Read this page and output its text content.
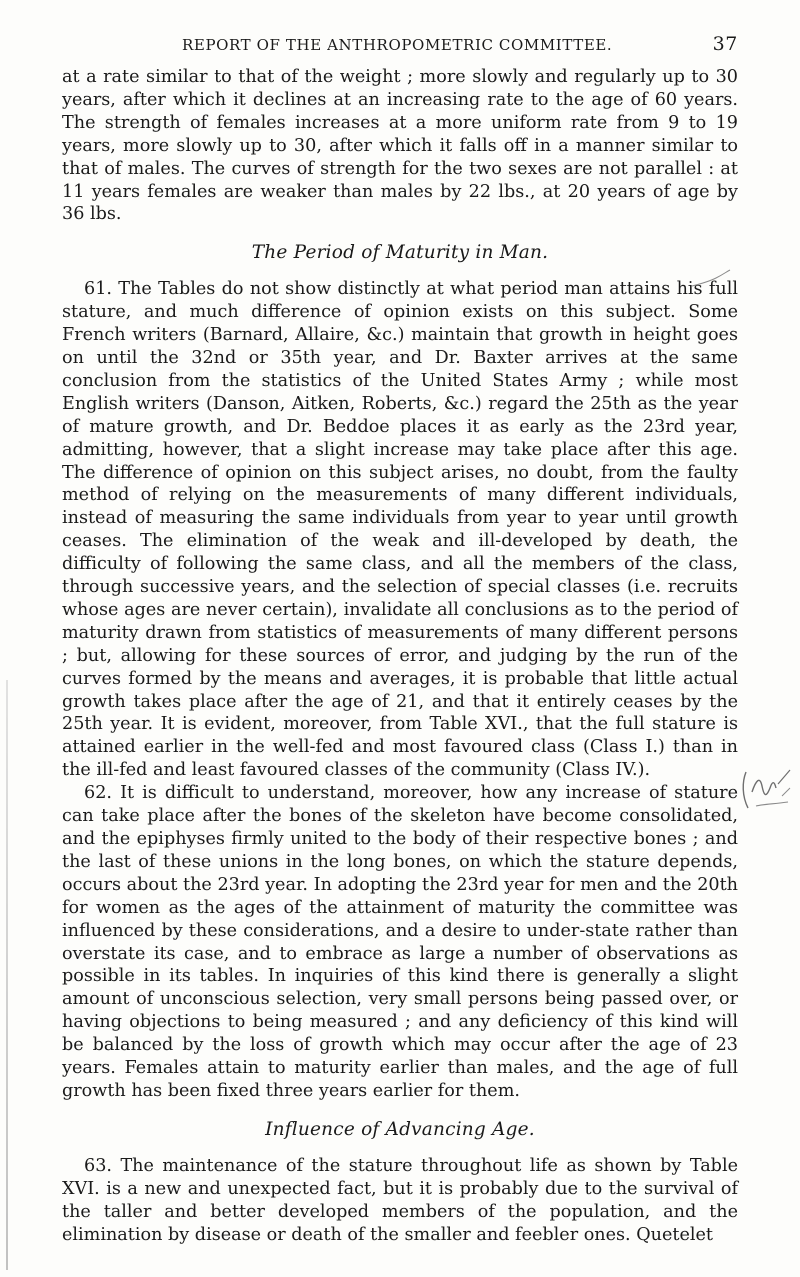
REPORT OF THE ANTHROPOMETRIC COMMITTEE.	37

at a rate similar to that of the weight ; more slowly and regularly up to 30 years, after which it declines at an increasing rate to the age of 60 years. The strength of females increases at a more uniform rate from 9 to 19 years, more slowly up to 30, after which it falls off in a manner similar to that of males. The curves of strength for the two sexes are not parallel : at 11 years females are weaker than males by 22 lbs., at 20 years of age by 36 lbs.

The Period of Maturity in Man.

61. The Tables do not show distinctly at what period man attains his full stature, and much difference of opinion exists on this subject. Some French writers (Barnard, Allaire, &c.) maintain that growth in height goes on until the 32nd or 35th year, and Dr. Baxter arrives at the same conclusion from the statistics of the United States Army ; while most English writers (Danson, Aitken, Roberts, &c.) regard the 25th as the year of mature growth, and Dr. Beddoe places it as early as the 23rd year, admitting, however, that a slight increase may take place after this age. The difference of opinion on this subject arises, no doubt, from the faulty method of relying on the measurements of many different individuals, instead of measuring the same individuals from year to year until growth ceases. The elimination of the weak and ill-developed by death, the difficulty of following the same class, and all the members of the class, through successive years, and the selection of special classes (i.e. recruits whose ages are never certain), invalidate all conclusions as to the period of maturity drawn from statistics of measurements of many different persons ; but, allowing for these sources of error, and judging by the run of the curves formed by the means and averages, it is probable that little actual growth takes place after the age of 21, and that it entirely ceases by the 25th year. It is evident, moreover, from Table XVI., that the full stature is attained earlier in the well-fed and most favoured class (Class I.) than in the ill-fed and least favoured classes of the community (Class IV.).

62. It is difficult to understand, moreover, how any increase of stature can take place after the bones of the skeleton have become consolidated, and the epiphyses firmly united to the body of their respective bones ; and the last of these unions in the long bones, on which the stature depends, occurs about the 23rd year. In adopting the 23rd year for men and the 20th for women as the ages of the attainment of maturity the committee was influenced by these considerations, and a desire to under-state rather than overstate its case, and to embrace as large a number of observations as possible in its tables. In inquiries of this kind there is generally a slight amount of unconscious selection, very small persons being passed over, or having objections to being measured ; and any deficiency of this kind will be balanced by the loss of growth which may occur after the age of 23 years. Females attain to maturity earlier than males, and the age of full growth has been fixed three years earlier for them.

Influence of Advancing Age.

63. The maintenance of the stature throughout life as shown by Table XVI. is a new and unexpected fact, but it is probably due to the survival of the taller and better developed members of the population, and the elimination by disease or death of the smaller and feebler ones. Quetelet
